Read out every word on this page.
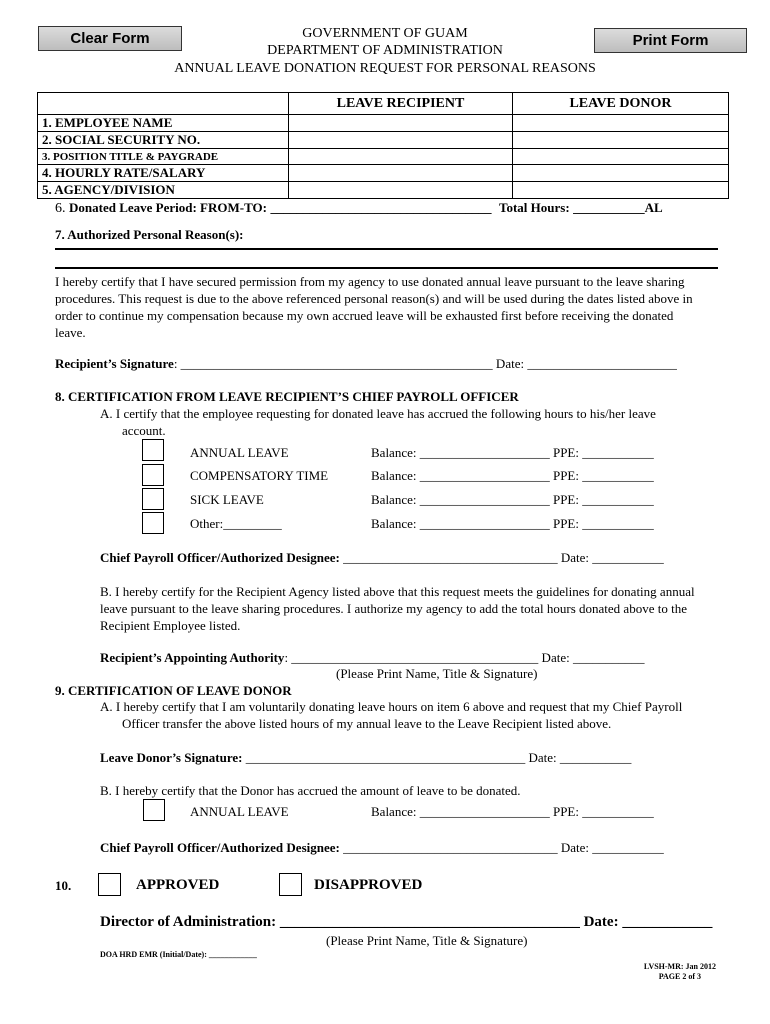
Clear Form	Print Form
GOVERNMENT OF GUAM
DEPARTMENT OF ADMINISTRATION
ANNUAL LEAVE DONATION REQUEST FOR PERSONAL REASONS
	LEAVE RECIPIENT	LEAVE DONOR
1. EMPLOYEE NAME		
2. SOCIAL SECURITY NO.		
3. POSITION TITLE & PAYGRADE		
4. HOURLY RATE/SALARY		
5. AGENCY/DIVISION		
6. Donated Leave Period: FROM-TO: __________________________________ Total Hours: ___________AL
7. Authorized Personal Reason(s):
I hereby certify that I have secured permission from my agency to use donated annual leave pursuant to the leave sharing
procedures. This request is due to the above referenced personal reason(s) and will be used during the dates listed above in
order to continue my compensation because my own accrued leave will be exhausted first before receiving the donated
leave.
Recipient’s Signature: ________________________________________________ Date: _______________________
8. CERTIFICATION FROM LEAVE RECIPIENT’S CHIEF PAYROLL OFFICER
A. I certify that the employee requesting for donated leave has accrued the following hours to his/her leave
account.
ANNUAL LEAVE	Balance: ____________________ PPE: ___________
COMPENSATORY TIME	Balance: ____________________ PPE: ___________
SICK LEAVE	Balance: ____________________ PPE: ___________
Other:_________	Balance: ____________________ PPE: ___________
Chief Payroll Officer/Authorized Designee: _________________________________ Date: ___________
B. I hereby certify for the Recipient Agency listed above that this request meets the guidelines for donating annual
leave pursuant to the leave sharing procedures. I authorize my agency to add the total hours donated above to the
Recipient Employee listed.
Recipient’s Appointing Authority: ______________________________________ Date: ___________
(Please Print Name, Title & Signature)
9. CERTIFICATION OF LEAVE DONOR
A. I hereby certify that I am voluntarily donating leave hours on item 6 above and request that my Chief Payroll
Officer transfer the above listed hours of my annual leave to the Leave Recipient listed above.
Leave Donor’s Signature: ___________________________________________ Date: ___________
B. I hereby certify that the Donor has accrued the amount of leave to be donated.
ANNUAL LEAVE	Balance: ____________________ PPE: ___________
Chief Payroll Officer/Authorized Designee: _________________________________ Date: ___________
10.	APPROVED	DISAPPROVED
Director of Administration: ________________________________________ Date: ____________
(Please Print Name, Title & Signature)
DOA HRD EMR (Initial/Date): ____________
LVSH-MR: Jan 2012
PAGE 2 of 3
